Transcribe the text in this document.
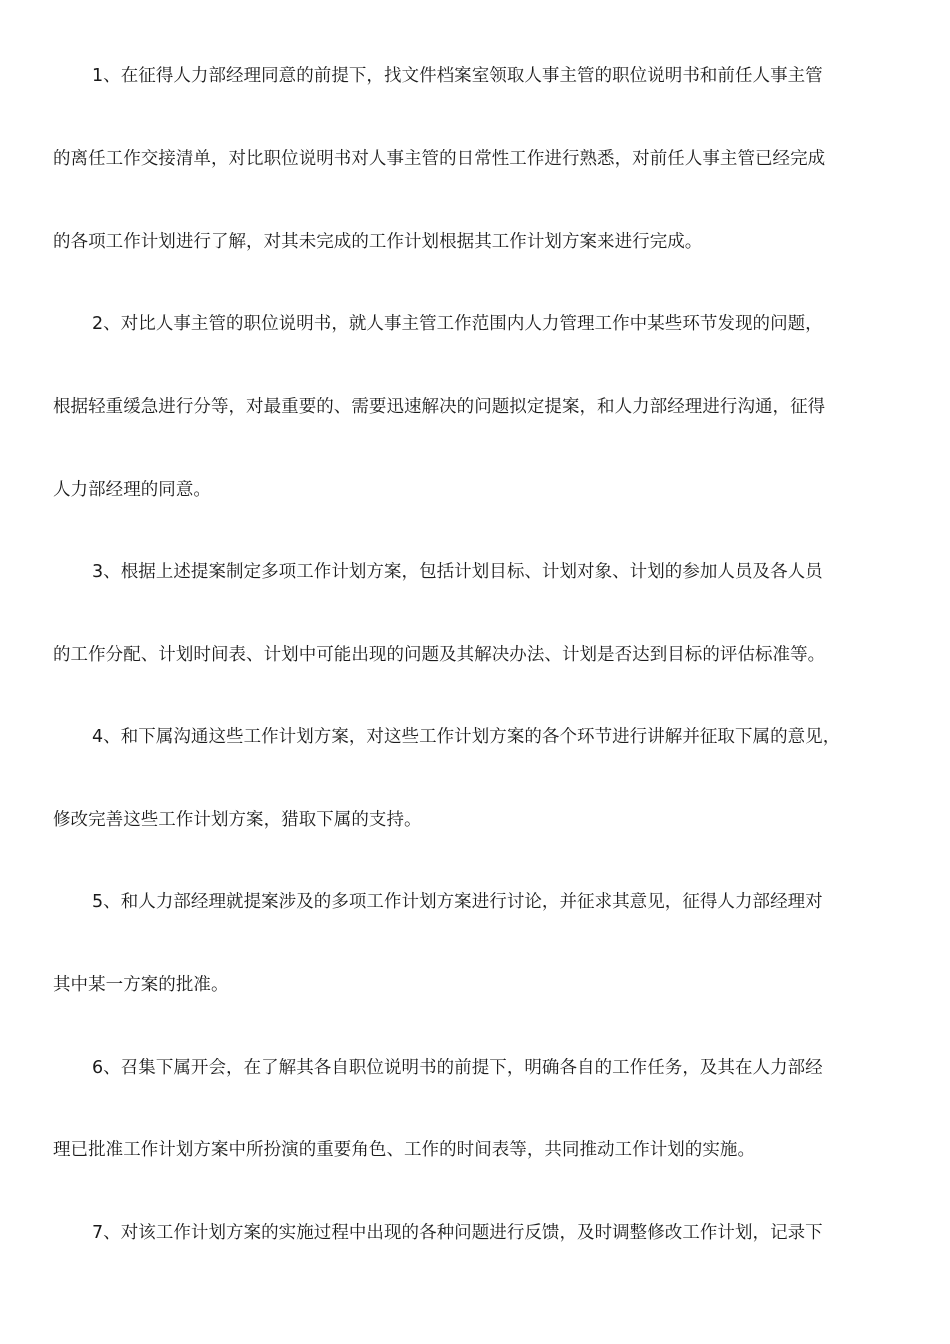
1、在征得人力部经理同意的前提下，找文件档案室领取人事主管的职位说明书和前任人事主管
的离任工作交接清单，对比职位说明书对人事主管的日常性工作进行熟悉，对前任人事主管已经完成
的各项工作计划进行了解，对其未完成的工作计划根据其工作计划方案来进行完成。
2、对比人事主管的职位说明书，就人事主管工作范围内人力管理工作中某些环节发现的问题，
根据轻重缓急进行分等，对最重要的、需要迅速解决的问题拟定提案，和人力部经理进行沟通，征得
人力部经理的同意。
3、根据上述提案制定多项工作计划方案，包括计划目标、计划对象、计划的参加人员及各人员
的工作分配、计划时间表、计划中可能出现的问题及其解决办法、计划是否达到目标的评估标准等。
4、和下属沟通这些工作计划方案，对这些工作计划方案的各个环节进行讲解并征取下属的意见，
修改完善这些工作计划方案，猎取下属的支持。
5、和人力部经理就提案涉及的多项工作计划方案进行讨论，并征求其意见，征得人力部经理对
其中某一方案的批准。
6、召集下属开会，在了解其各自职位说明书的前提下，明确各自的工作任务，及其在人力部经
理已批准工作计划方案中所扮演的重要角色、工作的时间表等，共同推动工作计划的实施。
7、对该工作计划方案的实施过程中出现的各种问题进行反馈，及时调整修改工作计划，记录下
